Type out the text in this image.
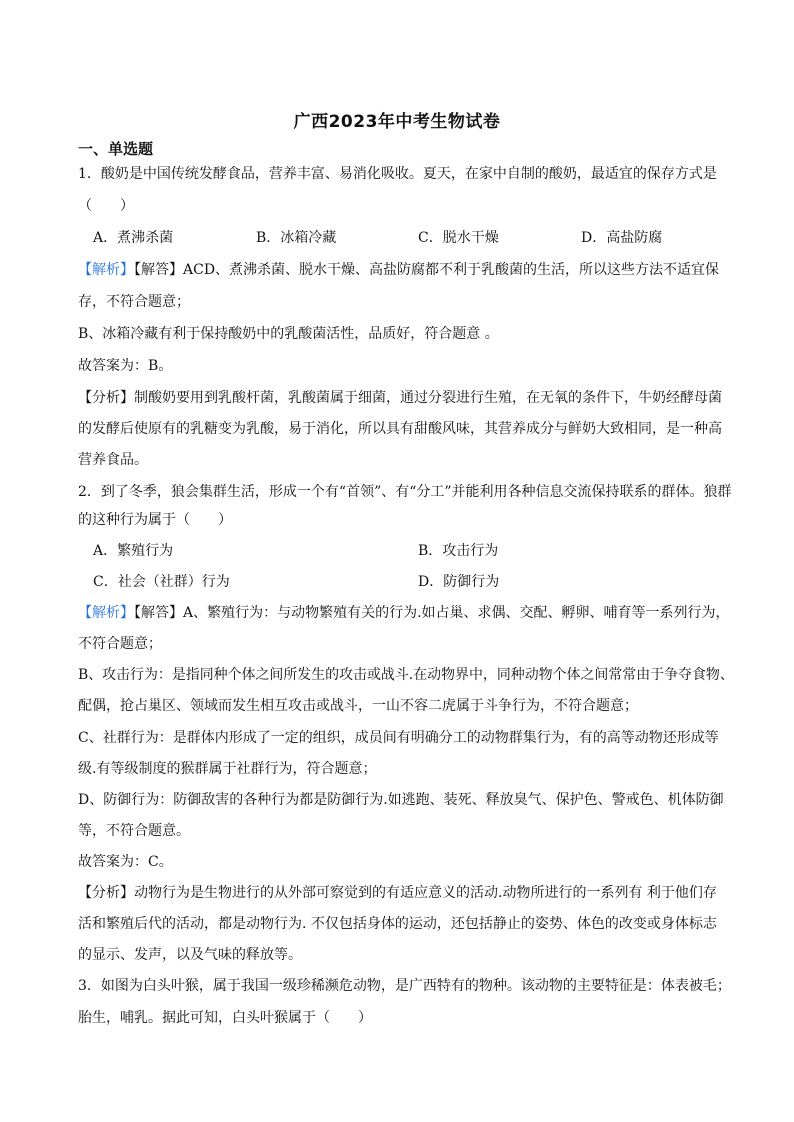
广西2023年中考生物试卷
一、单选题
1．酸奶是中国传统发酵食品，营养丰富、易消化吸收。夏天，在家中自制的酸奶，最适宜的保存方式是
（　　）
A．煮沸杀菌	B．冰箱冷藏	C．脱水干燥	D．高盐防腐
【解析】【解答】ACD、煮沸杀菌、脱水干燥、高盐防腐都不利于乳酸菌的生活，所以这些方法不适宜保
存，不符合题意；
B、冰箱冷藏有利于保持酸奶中的乳酸菌活性，品质好，符合题意 。
故答案为：B。
【分析】制酸奶要用到乳酸杆菌，乳酸菌属于细菌，通过分裂进行生殖，在无氧的条件下，牛奶经酵母菌
的发酵后使原有的乳糖变为乳酸，易于消化，所以具有甜酸风味，其营养成分与鲜奶大致相同，是一种高
营养食品。
2．到了冬季，狼会集群生活，形成一个有“首领”、有“分工”并能利用各种信息交流保持联系的群体。狼群
的这种行为属于（　　）
A．繁殖行为	B．攻击行为
C．社会（社群）行为	D．防御行为
【解析】【解答】A、繁殖行为：与动物繁殖有关的行为.如占巢、求偶、交配、孵卵、哺育等一系列行为，
不符合题意；
B、攻击行为：是指同种个体之间所发生的攻击或战斗.在动物界中，同种动物个体之间常常由于争夺食物、
配偶，抢占巢区、领域而发生相互攻击或战斗，一山不容二虎属于斗争行为，不符合题意；
C、社群行为：是群体内形成了一定的组织，成员间有明确分工的动物群集行为，有的高等动物还形成等
级.有等级制度的猴群属于社群行为，符合题意；
D、防御行为：防御敌害的各种行为都是防御行为.如逃跑、装死、释放臭气、保护色、警戒色、机体防御
等，不符合题意。
故答案为：C。
【分析】动物行为是生物进行的从外部可察觉到的有适应意义的活动.动物所进行的一系列有 利于他们存
活和繁殖后代的活动，都是动物行为. 不仅包括身体的运动，还包括静止的姿势、体色的改变或身体标志
的显示、发声，以及气味的释放等。
3．如图为白头叶猴，属于我国一级珍稀濒危动物，是广西特有的物种。该动物的主要特征是：体表被毛；
胎生，哺乳。据此可知，白头叶猴属于（　　）
